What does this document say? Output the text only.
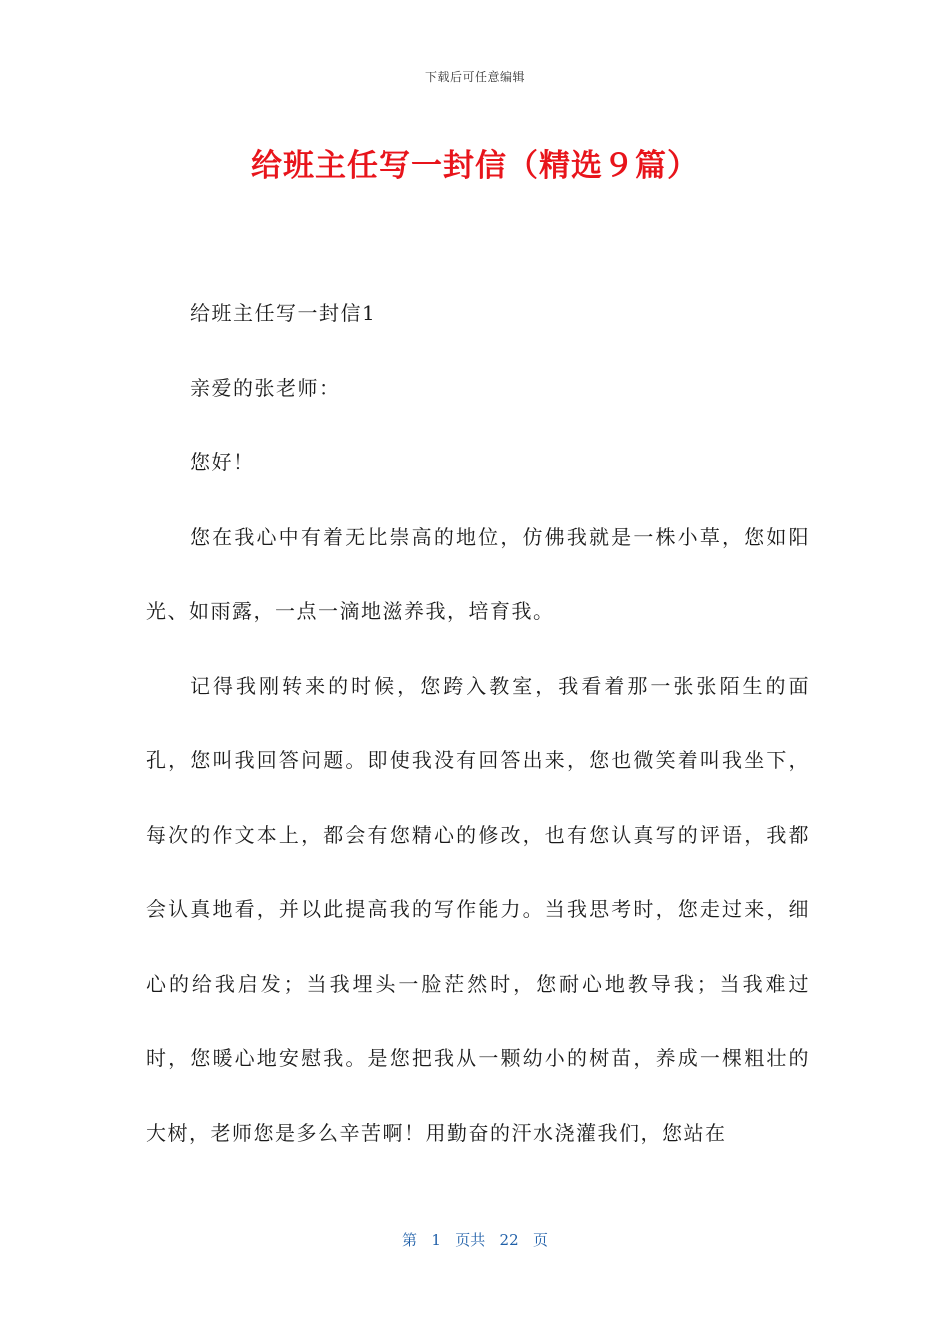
下载后可任意编辑
给班主任写一封信（精选９篇）

给班主任写一封信1

亲爱的张老师：

您好！

您在我心中有着无比崇高的地位，仿佛我就是一株小草，您如阳光、如雨露，一点一滴地滋养我，培育我。

记得我刚转来的时候，您跨入教室，我看着那一张张陌生的面孔，您叫我回答问题。即使我没有回答出来，您也微笑着叫我坐下，每次的作文本上，都会有您精心的修改，也有您认真写的评语，我都会认真地看，并以此提高我的写作能力。当我思考时，您走过来，细心的给我启发；当我埋头一脸茫然时，您耐心地教导我；当我难过时，您暖心地安慰我。是您把我从一颗幼小的树苗，养成一棵粗壮的大树，老师您是多么辛苦啊！用勤奋的汗水浇灌我们，您站在

第 1 页共 22 页
